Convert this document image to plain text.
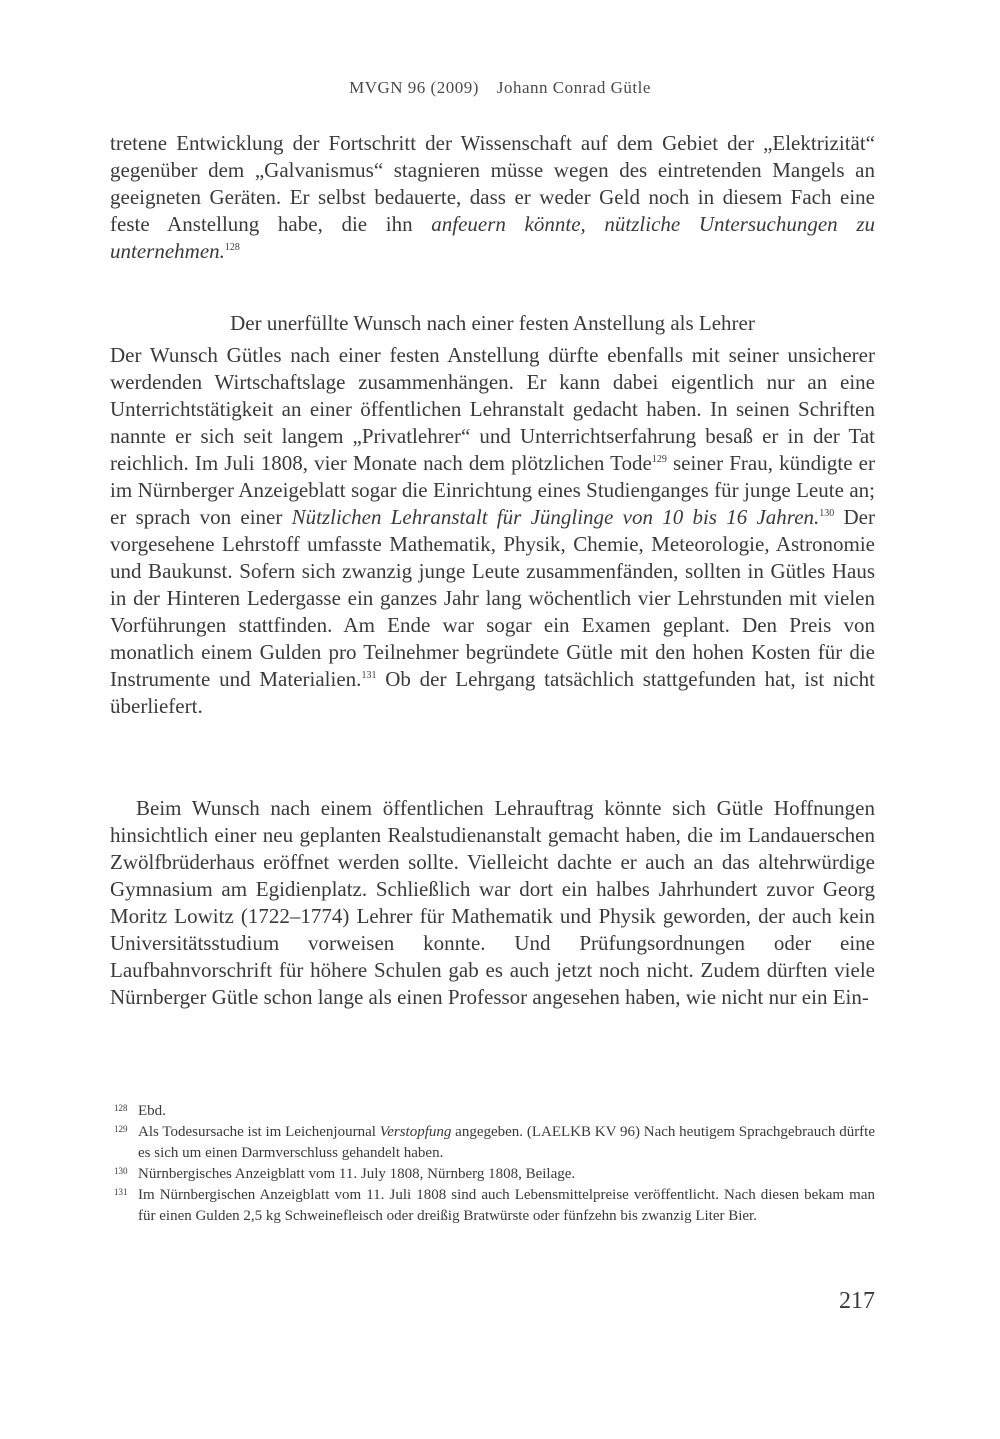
MVGN 96 (2009) Johann Conrad Gütle

tretene Entwicklung der Fortschritt der Wissenschaft auf dem Gebiet der „Elektrizität“ gegenüber dem „Galvanismus“ stagnieren müsse wegen des eintretenden Mangels an geeigneten Geräten. Er selbst bedauerte, dass er weder Geld noch in diesem Fach eine feste Anstellung habe, die ihn anfeuern könnte, nützliche Untersuchungen zu unternehmen.$^{128}$

Der unerfüllte Wunsch nach einer festen Anstellung als Lehrer

Der Wunsch Gütles nach einer festen Anstellung dürfte ebenfalls mit seiner unsicherer werdenden Wirtschaftslage zusammenhängen. Er kann dabei eigentlich nur an eine Unterrichtstätigkeit an einer öffentlichen Lehranstalt gedacht haben. In seinen Schriften nannte er sich seit langem „Privatlehrer“ und Unterrichtserfahrung besaß er in der Tat reichlich. Im Juli 1808, vier Monate nach dem plötzlichen Tode$^{129}$ seiner Frau, kündigte er im Nürnberger Anzeigeblatt sogar die Einrichtung eines Studienganges für junge Leute an; er sprach von einer Nützlichen Lehranstalt für Jünglinge von 10 bis 16 Jahren.$^{130}$ Der vorgesehene Lehrstoff umfasste Mathematik, Physik, Chemie, Meteorologie, Astronomie und Baukunst. Sofern sich zwanzig junge Leute zusammenfänden, sollten in Gütles Haus in der Hinteren Ledergasse ein ganzes Jahr lang wöchentlich vier Lehrstunden mit vielen Vorführungen stattfinden. Am Ende war sogar ein Examen geplant. Den Preis von monatlich einem Gulden pro Teilnehmer begründete Gütle mit den hohen Kosten für die Instrumente und Materialien.$^{131}$ Ob der Lehrgang tatsächlich stattgefunden hat, ist nicht überliefert.

Beim Wunsch nach einem öffentlichen Lehrauftrag könnte sich Gütle Hoffnungen hinsichtlich einer neu geplanten Realstudienanstalt gemacht haben, die im Landauerschen Zwölfbrüderhaus eröffnet werden sollte. Vielleicht dachte er auch an das altehrwürdige Gymnasium am Egidienplatz. Schließlich war dort ein halbes Jahrhundert zuvor Georg Moritz Lowitz (1722–1774) Lehrer für Mathematik und Physik geworden, der auch kein Universitätsstudium vorweisen konnte. Und Prüfungsordnungen oder eine Laufbahnvorschrift für höhere Schulen gab es auch jetzt noch nicht. Zudem dürften viele Nürnberger Gütle schon lange als einen Professor angesehen haben, wie nicht nur ein Ein-

128 Ebd.
129 Als Todesursache ist im Leichenjournal Verstopfung angegeben. (LAELKB KV 96) Nach heutigem Sprachgebrauch dürfte es sich um einen Darmverschluss gehandelt haben.
130 Nürnbergisches Anzeigblatt vom 11. July 1808, Nürnberg 1808, Beilage.
131 Im Nürnbergischen Anzeigblatt vom 11. Juli 1808 sind auch Lebensmittelpreise veröffentlicht. Nach diesen bekam man für einen Gulden 2,5 kg Schweinefleisch oder dreißig Bratwürste oder fünfzehn bis zwanzig Liter Bier.
217
